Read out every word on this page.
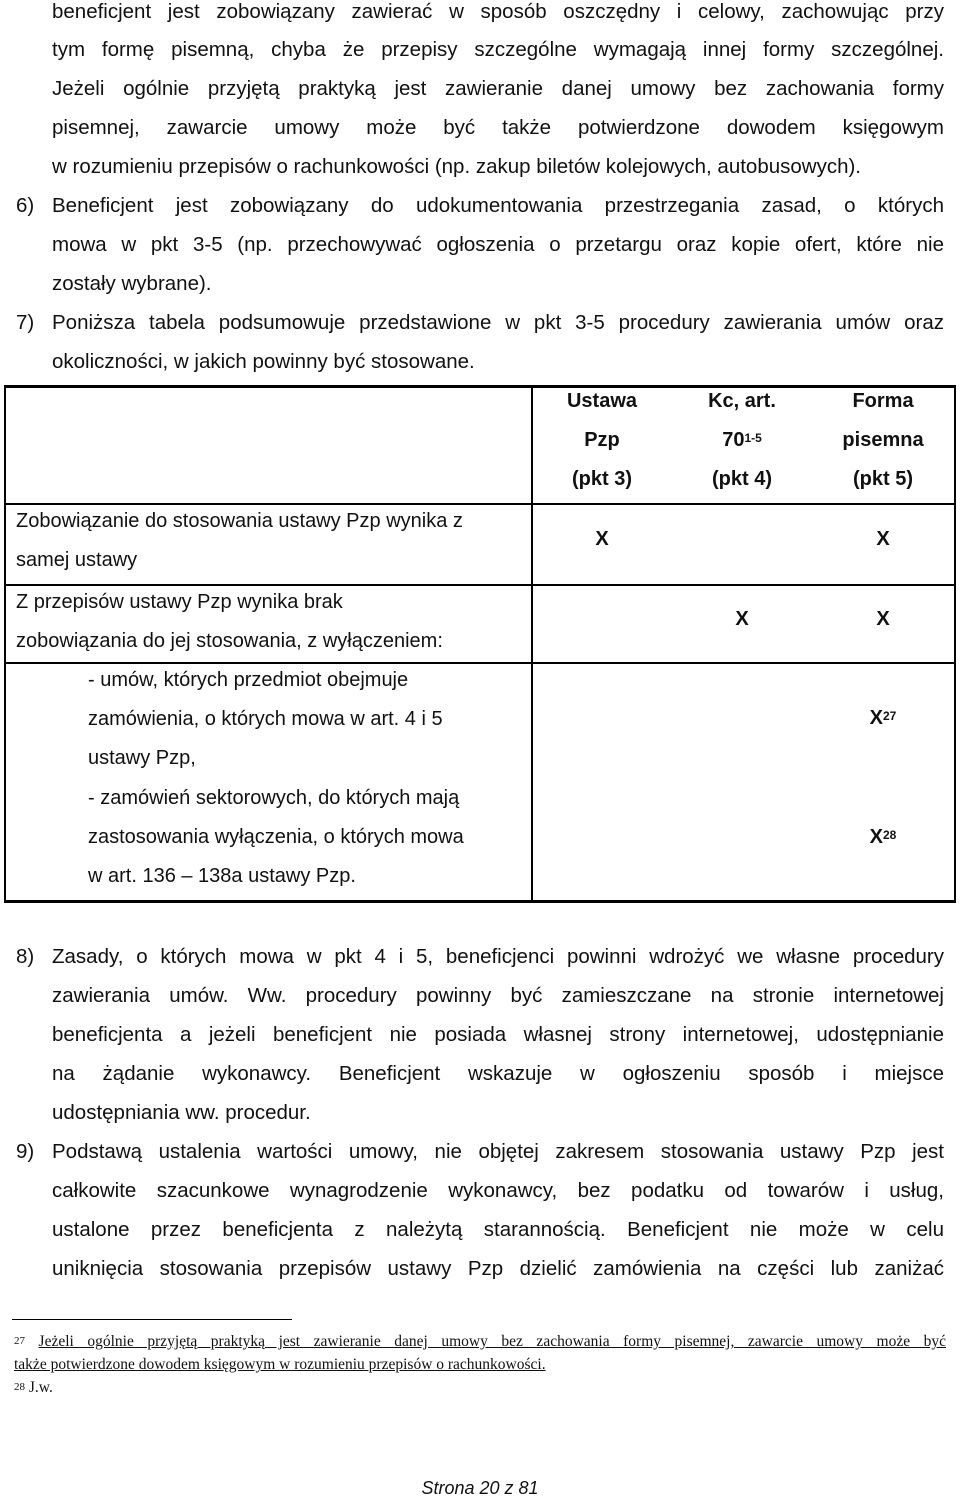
beneficjent jest zobowiązany zawierać w sposób oszczędny i celowy, zachowując przy
tym formę pisemną, chyba że przepisy szczególne wymagają innej formy szczególnej.
Jeżeli ogólnie przyjętą praktyką jest zawieranie danej umowy bez zachowania formy
pisemnej, zawarcie umowy może być także potwierdzone dowodem księgowym
w rozumieniu przepisów o rachunkowości (np. zakup biletów kolejowych, autobusowych).
6) Beneficjent jest zobowiązany do udokumentowania przestrzegania zasad, o których
mowa w pkt 3-5 (np. przechowywać ogłoszenia o przetargu oraz kopie ofert, które nie
zostały wybrane).
7) Poniższa tabela podsumowuje przedstawione w pkt 3-5 procedury zawierania umów oraz
okoliczności, w jakich powinny być stosowane.
Ustawa
Pzp
(pkt 3)
Kc, art.
70$^{1-5}$
(pkt 4)
Forma
pisemna
(pkt 5)
Zobowiązanie do stosowania ustawy Pzp wynika z
samej ustawy
X	X
Z przepisów ustawy Pzp wynika brak
zobowiązania do jej stosowania, z wyłączeniem:
X	X
- umów, których przedmiot obejmuje
zamówienia, o których mowa w art. 4 i 5
ustawy Pzp,
$X^{27}$
- zamówień sektorowych, do których mają
zastosowania wyłączenia, o których mowa
w art. 136 – 138a ustawy Pzp.
$X^{28}$
8) Zasady, o których mowa w pkt 4 i 5, beneficjenci powinni wdrożyć we własne procedury
zawierania umów. Ww. procedury powinny być zamieszczane na stronie internetowej
beneficjenta a jeżeli beneficjent nie posiada własnej strony internetowej, udostępnianie
na żądanie wykonawcy. Beneficjent wskazuje w ogłoszeniu sposób i miejsce
udostępniania ww. procedur.
9) Podstawą ustalenia wartości umowy, nie objętej zakresem stosowania ustawy Pzp jest
całkowite szacunkowe wynagrodzenie wykonawcy, bez podatku od towarów i usług,
ustalone przez beneficjenta z należytą starannością. Beneficjent nie może w celu
uniknięcia stosowania przepisów ustawy Pzp dzielić zamówienia na części lub zaniżać
$^{27}$ Jeżeli ogólnie przyjętą praktyką jest zawieranie danej umowy bez zachowania formy pisemnej, zawarcie umowy może być
także potwierdzone dowodem księgowym w rozumieniu przepisów o rachunkowości.
$^{28}$ J.w.
Strona 20 z 81
